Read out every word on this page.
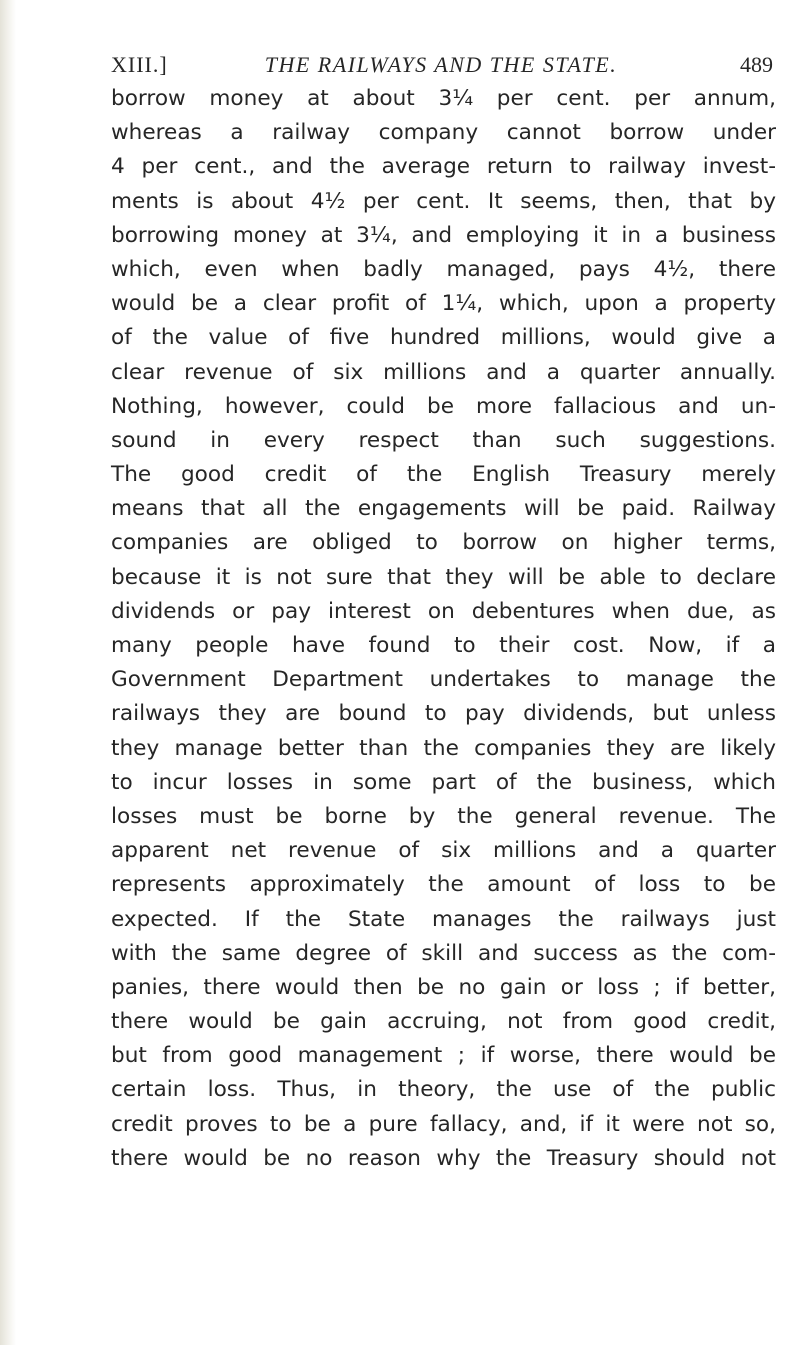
XIII.]	THE RAILWAYS AND THE STATE.	489
borrow money at about 3¼ per cent. per annum,
whereas a railway company cannot borrow under
4 per cent., and the average return to railway invest-
ments is about 4½ per cent. It seems, then, that by
borrowing money at 3¼, and employing it in a business
which, even when badly managed, pays 4½, there
would be a clear profit of 1¼, which, upon a property
of the value of five hundred millions, would give a
clear revenue of six millions and a quarter annually.
Nothing, however, could be more fallacious and un-
sound in every respect than such suggestions.
The good credit of the English Treasury merely
means that all the engagements will be paid. Railway
companies are obliged to borrow on higher terms,
because it is not sure that they will be able to declare
dividends or pay interest on debentures when due, as
many people have found to their cost. Now, if a
Government Department undertakes to manage the
railways they are bound to pay dividends, but unless
they manage better than the companies they are likely
to incur losses in some part of the business, which
losses must be borne by the general revenue. The
apparent net revenue of six millions and a quarter
represents approximately the amount of loss to be
expected. If the State manages the railways just
with the same degree of skill and success as the com-
panies, there would then be no gain or loss ; if better,
there would be gain accruing, not from good credit,
but from good management ; if worse, there would be
certain loss. Thus, in theory, the use of the public
credit proves to be a pure fallacy, and, if it were not so,
there would be no reason why the Treasury should not
